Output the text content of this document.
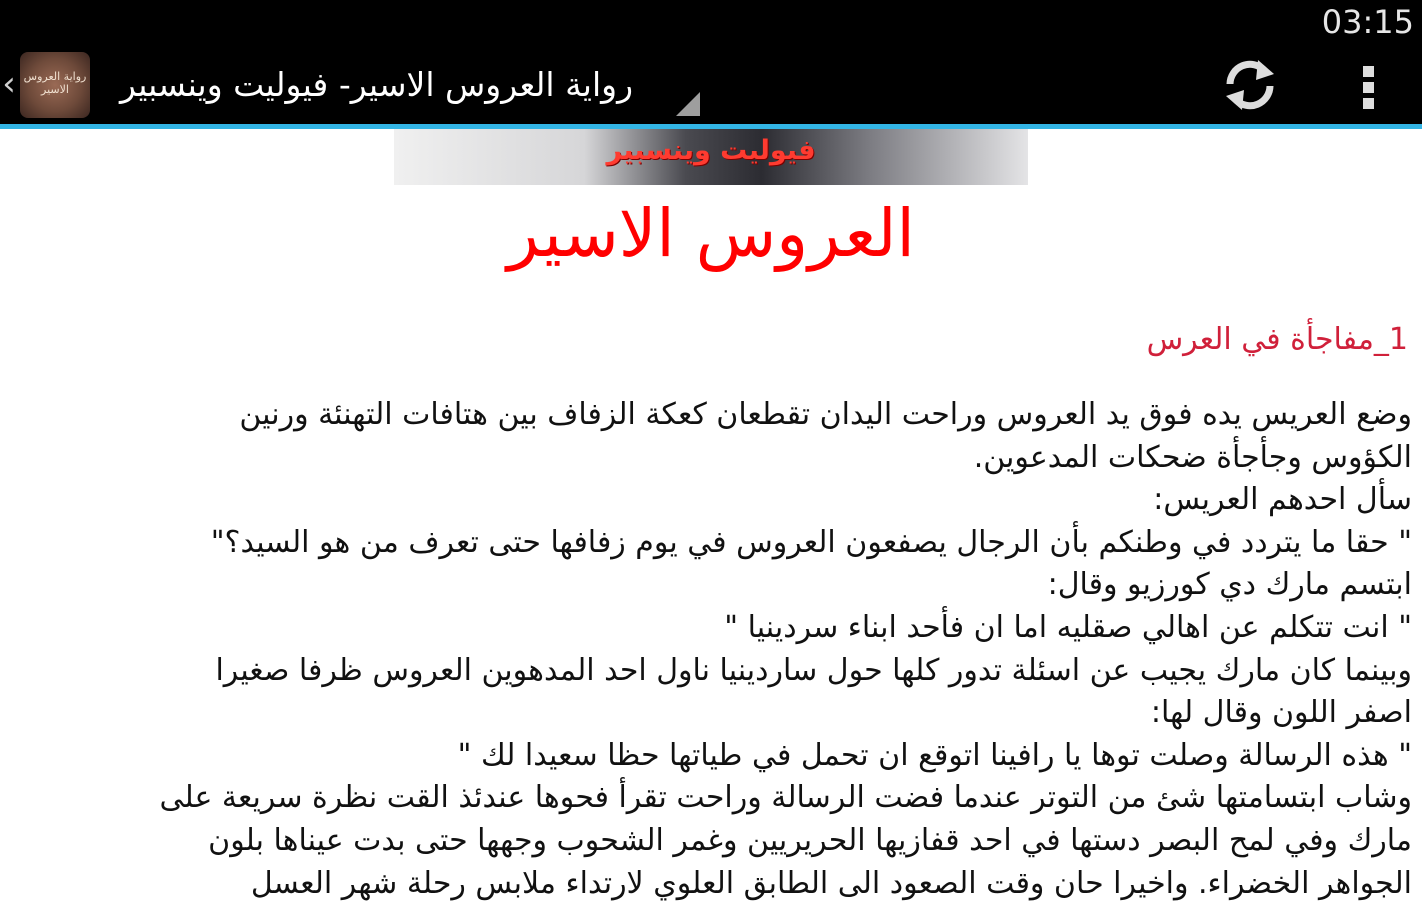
03:15
‹ رواية العروس الاسير	رواية العروس الاسير- فيوليت وينسبير
فيوليت وينسبير
العروس الاسير
1_مفاجأة في العرس
وضع العريس يده فوق يد العروس وراحت اليدان تقطعان كعكة الزفاف بين هتافات التهنئة ورنين
الكؤوس وجأجأة ضحكات المدعوين.
سأل احدهم العريس:
" حقا ما يتردد في وطنكم بأن الرجال يصفعون العروس في يوم زفافها حتى تعرف من هو السيد؟"
ابتسم مارك دي كورزيو وقال:
" انت تتكلم عن اهالي صقليه اما ان فأحد ابناء سردينيا "
وبينما كان مارك يجيب عن اسئلة تدور كلها حول ساردينيا ناول احد المدهوين العروس ظرفا صغيرا
اصفر اللون وقال لها:
" هذه الرسالة وصلت توها يا رافينا اتوقع ان تحمل في طياتها حظا سعيدا لك "
وشاب ابتسامتها شئ من التوتر عندما فضت الرسالة وراحت تقرأ فحوها عندئذ القت نظرة سريعة على
مارك وفي لمح البصر دستها في احد قفازيها الحريريين وغمر الشحوب وجهها حتى بدت عيناها بلون
الجواهر الخضراء. واخيرا حان وقت الصعود الى الطابق العلوي لارتداء ملابس رحلة شهر العسل
